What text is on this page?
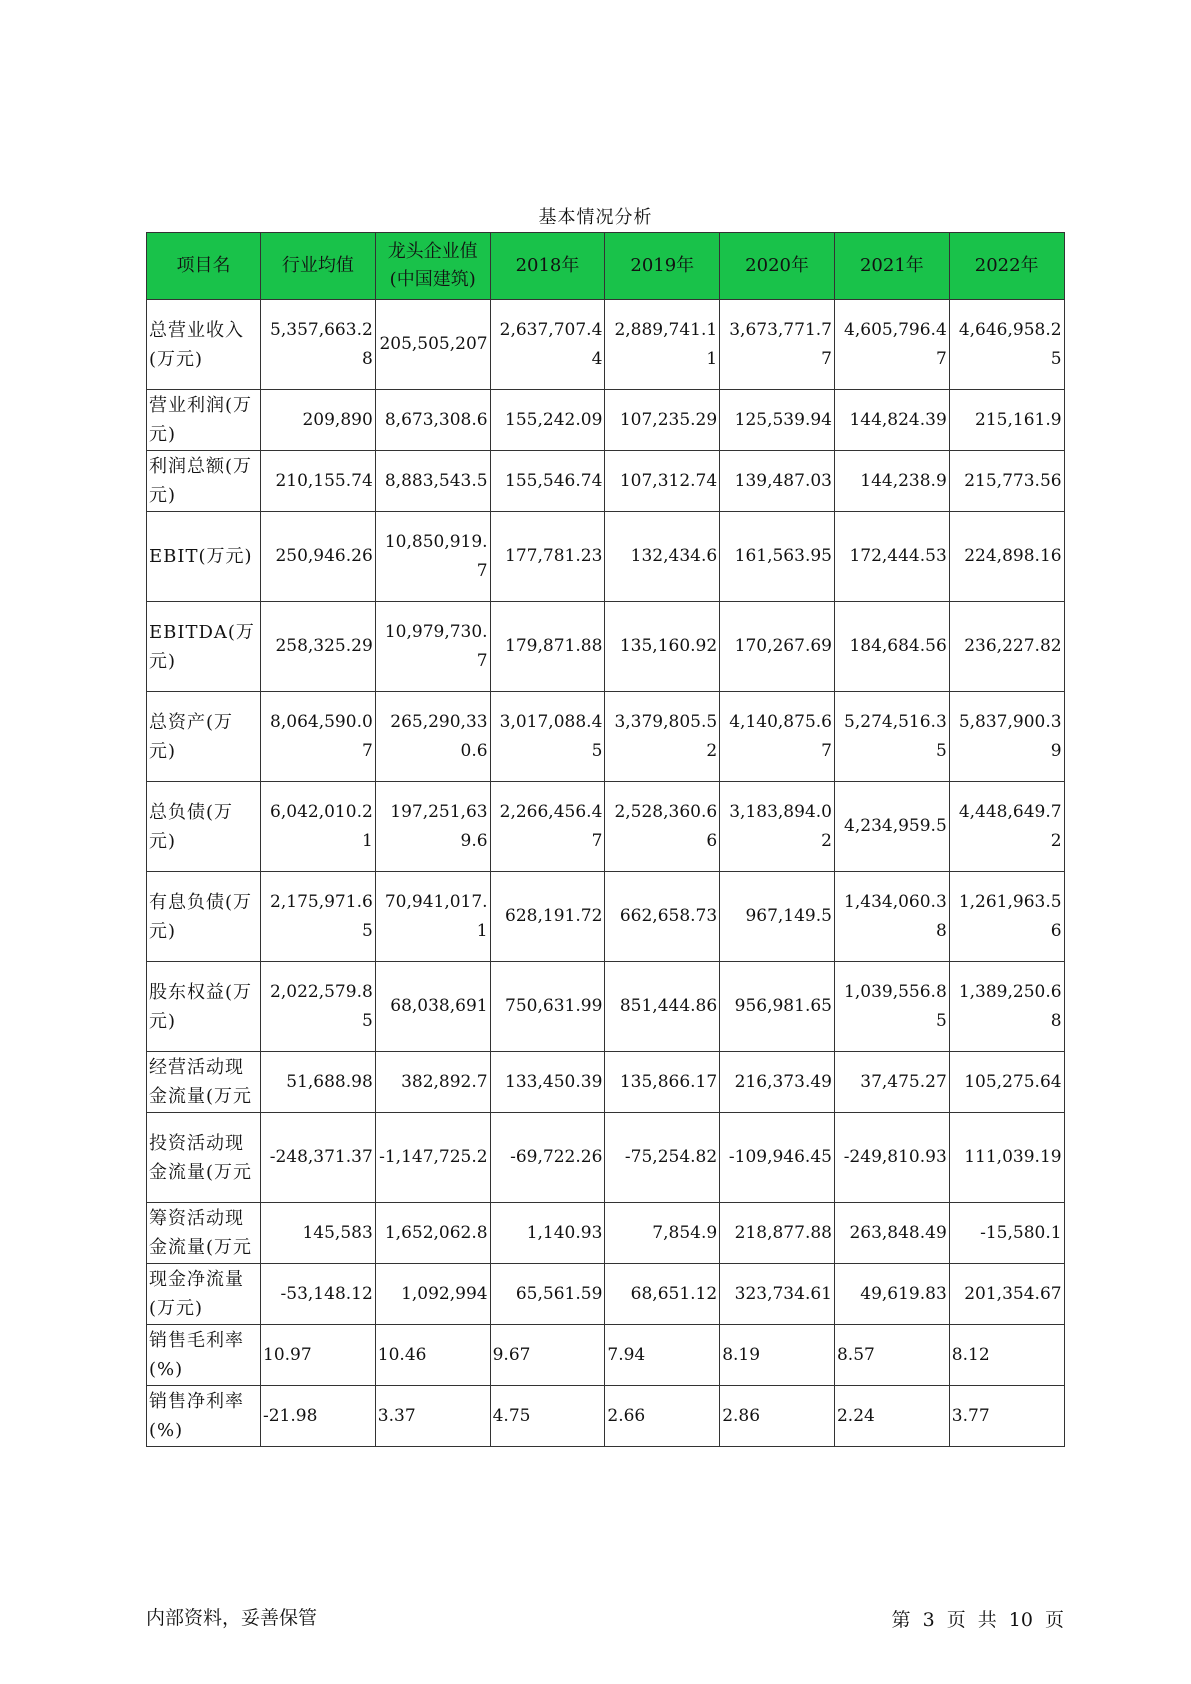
基本情况分析
项目名	行业均值	龙头企业值(中国建筑)	2018年	2019年	2020年	2021年	2022年
总营业收入(万元)	5,357,663.28	205,505,207	2,637,707.44	2,889,741.11	3,673,771.77	4,605,796.47	4,646,958.25
营业利润(万元)	209,890	8,673,308.6	155,242.09	107,235.29	125,539.94	144,824.39	215,161.9
利润总额(万元)	210,155.74	8,883,543.5	155,546.74	107,312.74	139,487.03	144,238.9	215,773.56
EBIT(万元)	250,946.26	10,850,919.7	177,781.23	132,434.6	161,563.95	172,444.53	224,898.16
EBITDA(万元)	258,325.29	10,979,730.7	179,871.88	135,160.92	170,267.69	184,684.56	236,227.82
总资产(万元)	8,064,590.07	265,290,330.6	3,017,088.45	3,379,805.52	4,140,875.67	5,274,516.35	5,837,900.39
总负债(万元)	6,042,010.21	197,251,639.6	2,266,456.47	2,528,360.66	3,183,894.02	4,234,959.5	4,448,649.72
有息负债(万元)	2,175,971.65	70,941,017.1	628,191.72	662,658.73	967,149.5	1,434,060.38	1,261,963.56
股东权益(万元)	2,022,579.85	68,038,691	750,631.99	851,444.86	956,981.65	1,039,556.85	1,389,250.68
经营活动现金流量(万元	51,688.98	382,892.7	133,450.39	135,866.17	216,373.49	37,475.27	105,275.64
投资活动现金流量(万元	-248,371.37	-1,147,725.2	-69,722.26	-75,254.82	-109,946.45	-249,810.93	111,039.19
筹资活动现金流量(万元	145,583	1,652,062.8	1,140.93	7,854.9	218,877.88	263,848.49	-15,580.1
现金净流量(万元)	-53,148.12	1,092,994	65,561.59	68,651.12	323,734.61	49,619.83	201,354.67
销售毛利率(%)	10.97	10.46	9.67	7.94	8.19	8.57	8.12
销售净利率(%)	-21.98	3.37	4.75	2.66	2.86	2.24	3.77
内部资料，妥善保管	第 3 页 共 10 页
